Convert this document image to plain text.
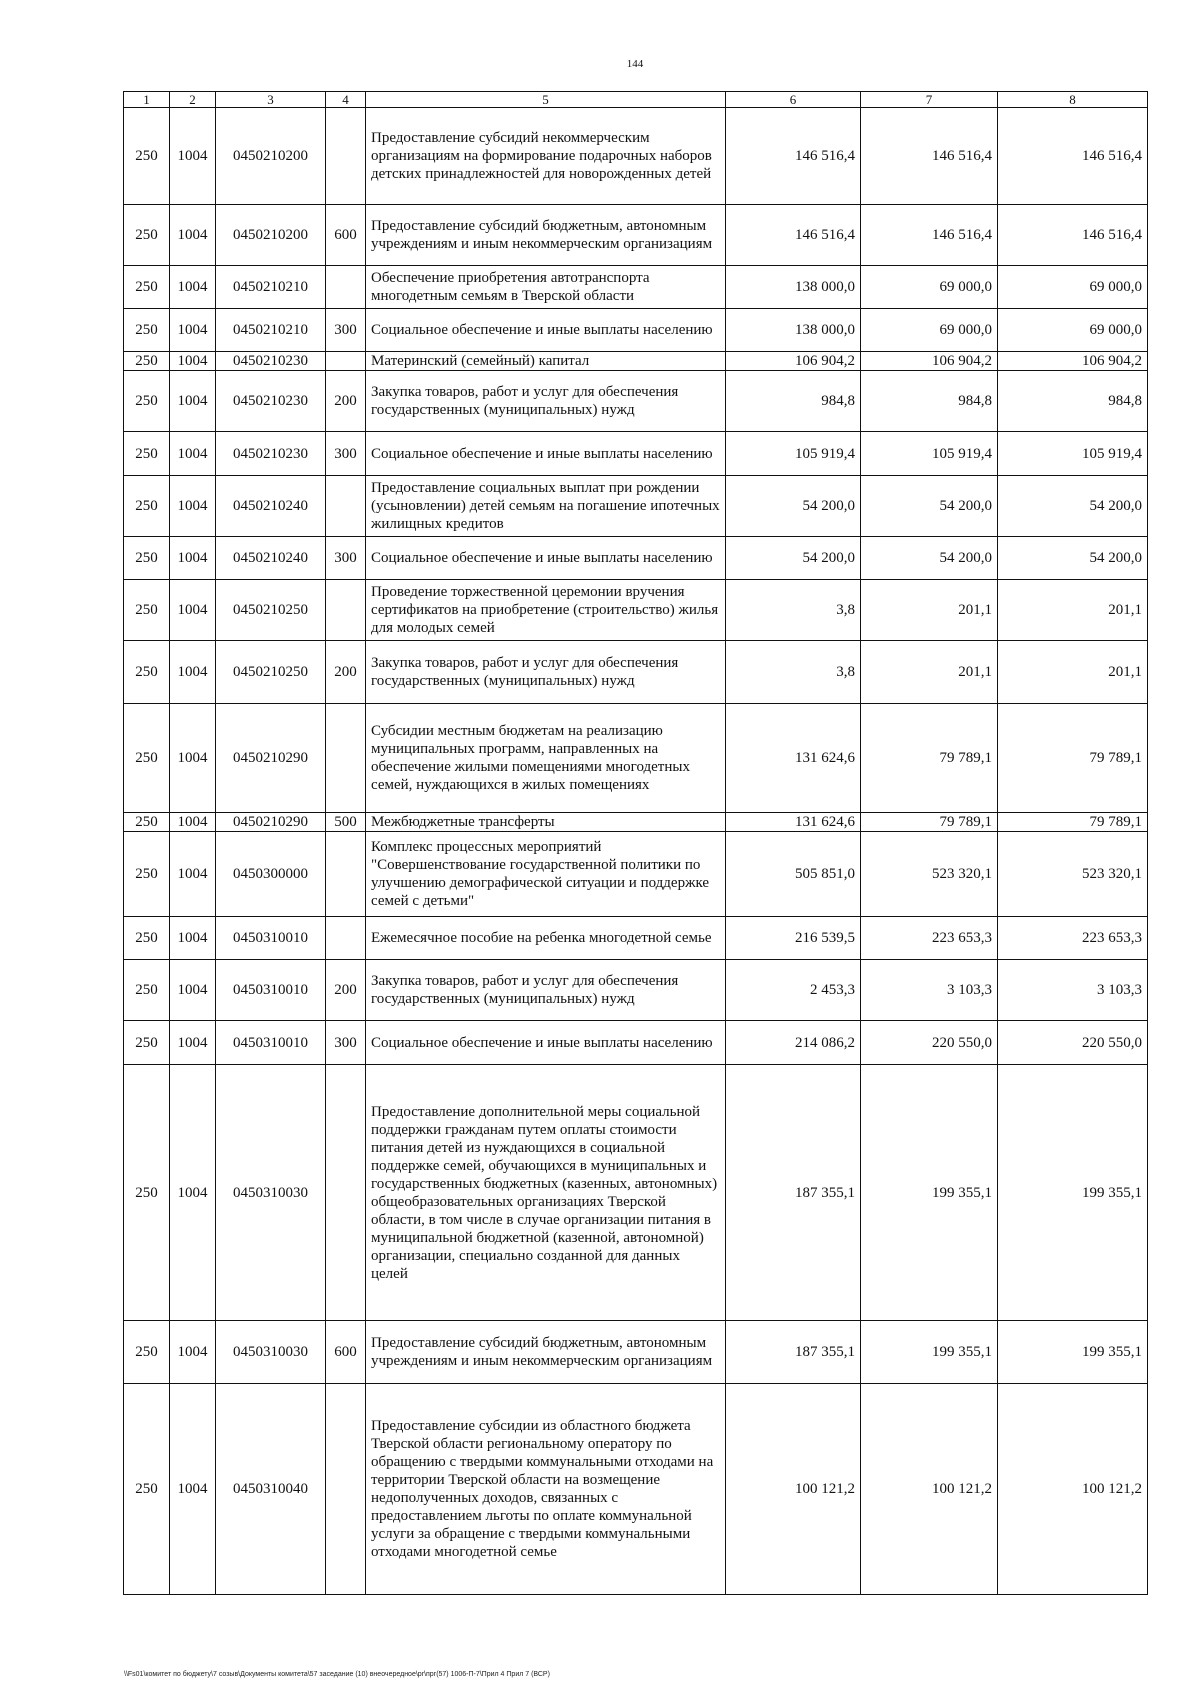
144
1	2	3	4	5	6	7	8
250	1004	0450210200		Предоставление субсидий некоммерческим организациям на формирование подарочных наборов детских принадлежностей для новорожденных детей	146 516,4	146 516,4	146 516,4
250	1004	0450210200	600	Предоставление субсидий бюджетным, автономным учреждениям и иным некоммерческим организациям	146 516,4	146 516,4	146 516,4
250	1004	0450210210		Обеспечение приобретения автотранспорта многодетным семьям в Тверской области	138 000,0	69 000,0	69 000,0
250	1004	0450210210	300	Социальное обеспечение и иные выплаты населению	138 000,0	69 000,0	69 000,0
250	1004	0450210230		Материнский (семейный) капитал	106 904,2	106 904,2	106 904,2
250	1004	0450210230	200	Закупка товаров, работ и услуг для обеспечения государственных (муниципальных) нужд	984,8	984,8	984,8
250	1004	0450210230	300	Социальное обеспечение и иные выплаты населению	105 919,4	105 919,4	105 919,4
250	1004	0450210240		Предоставление социальных выплат при рождении (усыновлении) детей семьям на погашение ипотечных жилищных кредитов	54 200,0	54 200,0	54 200,0
250	1004	0450210240	300	Социальное обеспечение и иные выплаты населению	54 200,0	54 200,0	54 200,0
250	1004	0450210250		Проведение торжественной церемонии вручения сертификатов на приобретение (строительство) жилья для молодых семей	3,8	201,1	201,1
250	1004	0450210250	200	Закупка товаров, работ и услуг для обеспечения государственных (муниципальных) нужд	3,8	201,1	201,1
250	1004	0450210290		Субсидии местным бюджетам на реализацию муниципальных программ, направленных на обеспечение жилыми помещениями многодетных семей, нуждающихся в жилых помещениях	131 624,6	79 789,1	79 789,1
250	1004	0450210290	500	Межбюджетные трансферты	131 624,6	79 789,1	79 789,1
250	1004	0450300000		Комплекс процессных мероприятий "Совершенствование государственной политики по улучшению демографической ситуации и поддержке семей с детьми"	505 851,0	523 320,1	523 320,1
250	1004	0450310010		Ежемесячное пособие на ребенка многодетной семье	216 539,5	223 653,3	223 653,3
250	1004	0450310010	200	Закупка товаров, работ и услуг для обеспечения государственных (муниципальных) нужд	2 453,3	3 103,3	3 103,3
250	1004	0450310010	300	Социальное обеспечение и иные выплаты населению	214 086,2	220 550,0	220 550,0
250	1004	0450310030		Предоставление дополнительной меры социальной поддержки гражданам путем оплаты стоимости питания детей из нуждающихся в социальной поддержке семей, обучающихся в муниципальных и государственных бюджетных (казенных, автономных) общеобразовательных организациях Тверской области, в том числе в случае организации питания в муниципальной бюджетной (казенной, автономной) организации, специально созданной для данных целей	187 355,1	199 355,1	199 355,1
250	1004	0450310030	600	Предоставление субсидий бюджетным, автономным учреждениям и иным некоммерческим организациям	187 355,1	199 355,1	199 355,1
250	1004	0450310040		Предоставление субсидии из областного бюджета Тверской области региональному оператору по обращению с твердыми коммунальными отходами на территории Тверской области на возмещение недополученных доходов, связанных с предоставлением льготы по оплате коммунальной услуги за обращение с твердыми коммунальными отходами многодетной семье	100 121,2	100 121,2	100 121,2
\\Fs01\комитет по бюджету\7 созыв\Документы комитета\57 заседание (10) внеочередное\pr\прг(57) 1006-П-7\Прил 4 Прил 7 (ВСР)
